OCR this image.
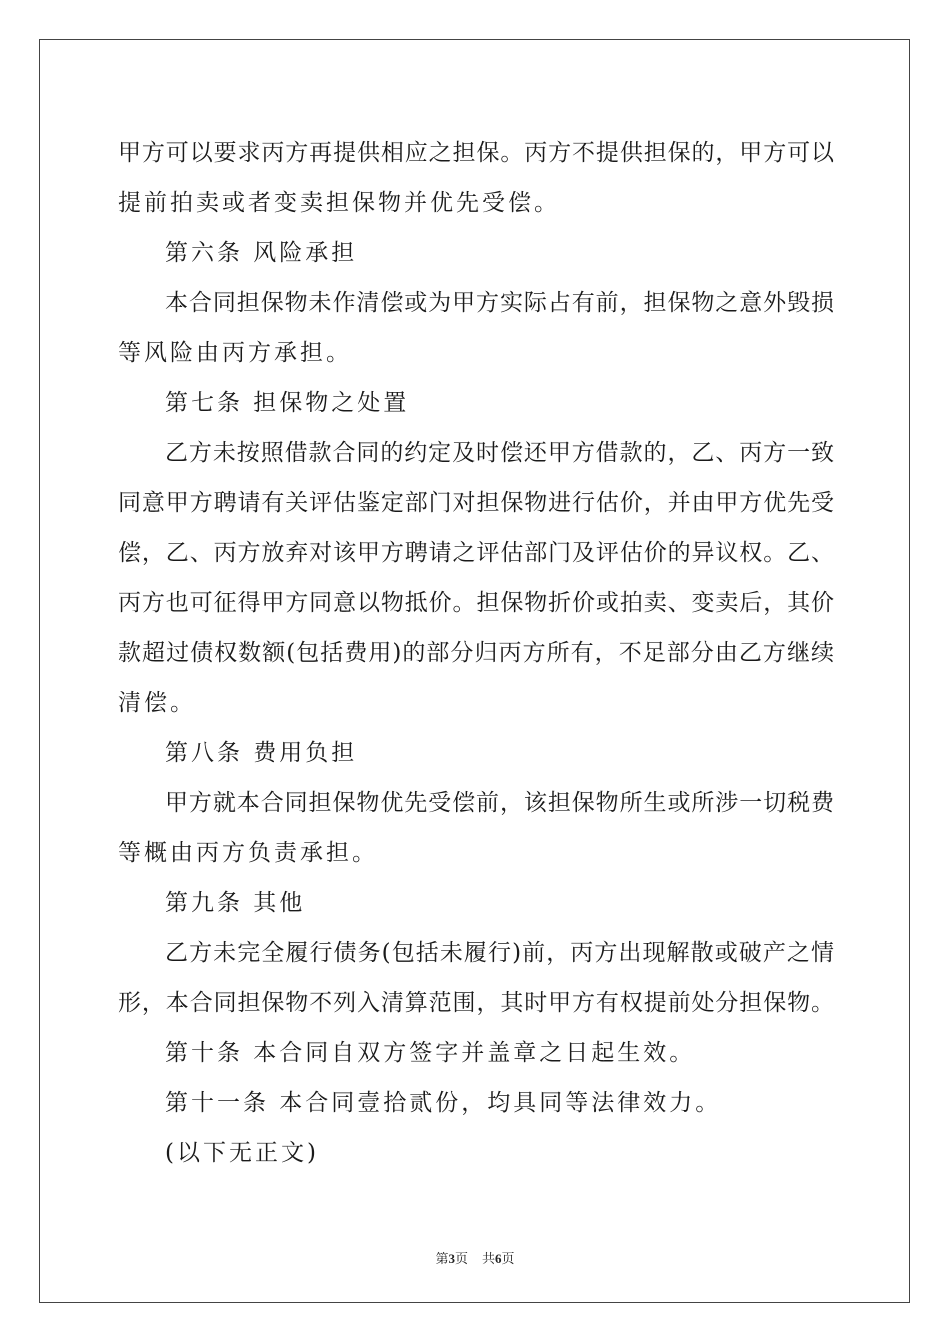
甲方可以要求丙方再提供相应之担保。丙方不提供担保的，甲方可以
提前拍卖或者变卖担保物并优先受偿。
第六条 风险承担
本合同担保物未作清偿或为甲方实际占有前，担保物之意外毁损
等风险由丙方承担。
第七条 担保物之处置
乙方未按照借款合同的约定及时偿还甲方借款的，乙、丙方一致
同意甲方聘请有关评估鉴定部门对担保物进行估价，并由甲方优先受
偿，乙、丙方放弃对该甲方聘请之评估部门及评估价的异议权。乙、
丙方也可征得甲方同意以物抵价。担保物折价或拍卖、变卖后，其价
款超过债权数额(包括费用)的部分归丙方所有，不足部分由乙方继续
清偿。
第八条 费用负担
甲方就本合同担保物优先受偿前，该担保物所生或所涉一切税费
等概由丙方负责承担。
第九条 其他
乙方未完全履行债务(包括未履行)前，丙方出现解散或破产之情
形，本合同担保物不列入清算范围，其时甲方有权提前处分担保物。
第十条 本合同自双方签字并盖章之日起生效。
第十一条 本合同壹拾贰份，均具同等法律效力。
(以下无正文)
第3页 共6页
